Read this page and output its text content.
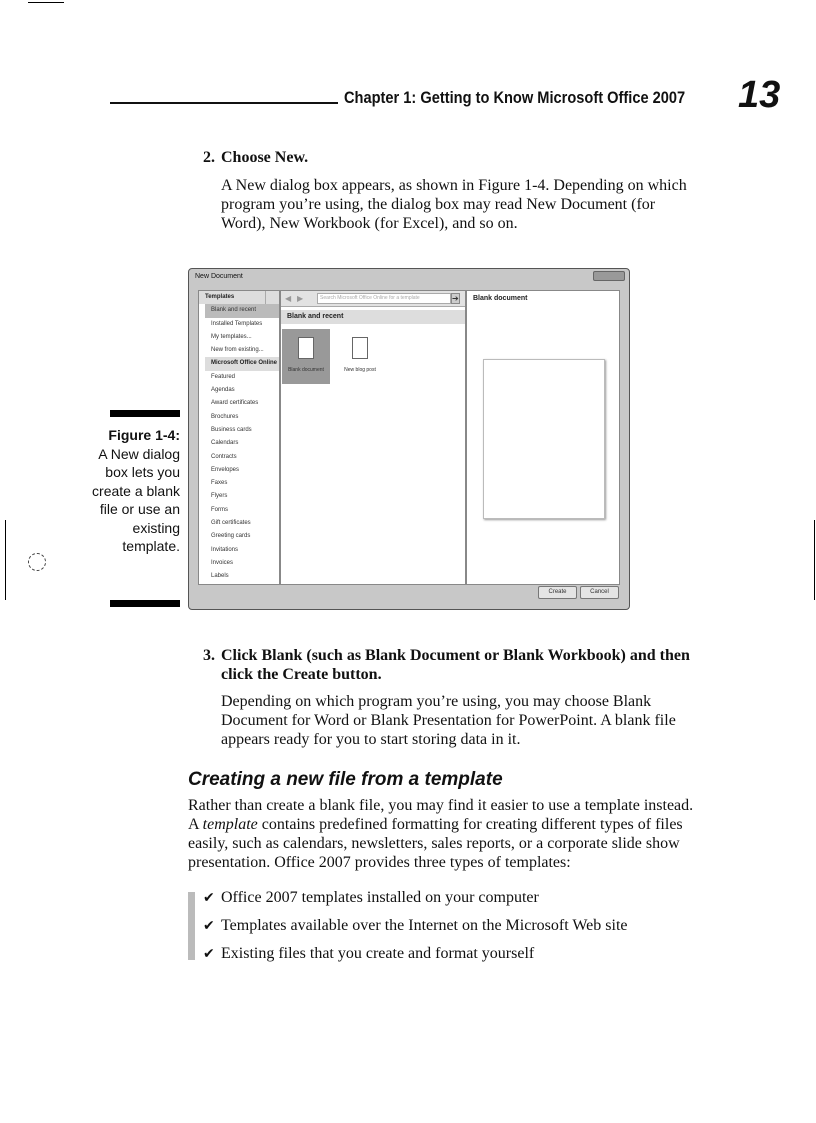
Chapter 1: Getting to Know Microsoft Office 2007 13
2. Choose New.
A New dialog box appears, as shown in Figure 1-4. Depending on which program you’re using, the dialog box may read New Document (for Word), New Workbook (for Excel), and so on.
Figure 1-4:
A New dialog box lets you create a blank file or use an existing template.
New Document
Templates
Blank and recent
Installed Templates
My templates...
New from existing...
Microsoft Office Online
Featured
Agendas
Award certificates
Brochures
Business cards
Calendars
Contracts
Envelopes
Faxes
Flyers
Forms
Gift certificates
Greeting cards
Invitations
Invoices
Labels
◀ ▶	Search Microsoft Office Online for a template	➔
Blank and recent
Blank document	New blog post
Blank document
Create	Cancel
3. Click Blank (such as Blank Document or Blank Workbook) and then click the Create button.
Depending on which program you’re using, you may choose Blank Document for Word or Blank Presentation for PowerPoint. A blank file appears ready for you to start storing data in it.
Creating a new file from a template
Rather than create a blank file, you may find it easier to use a template instead. A template contains predefined formatting for creating different types of files easily, such as calendars, newsletters, sales reports, or a corporate slide show presentation. Office 2007 provides three types of templates:
✔ Office 2007 templates installed on your computer
✔ Templates available over the Internet on the Microsoft Web site
✔ Existing files that you create and format yourself
